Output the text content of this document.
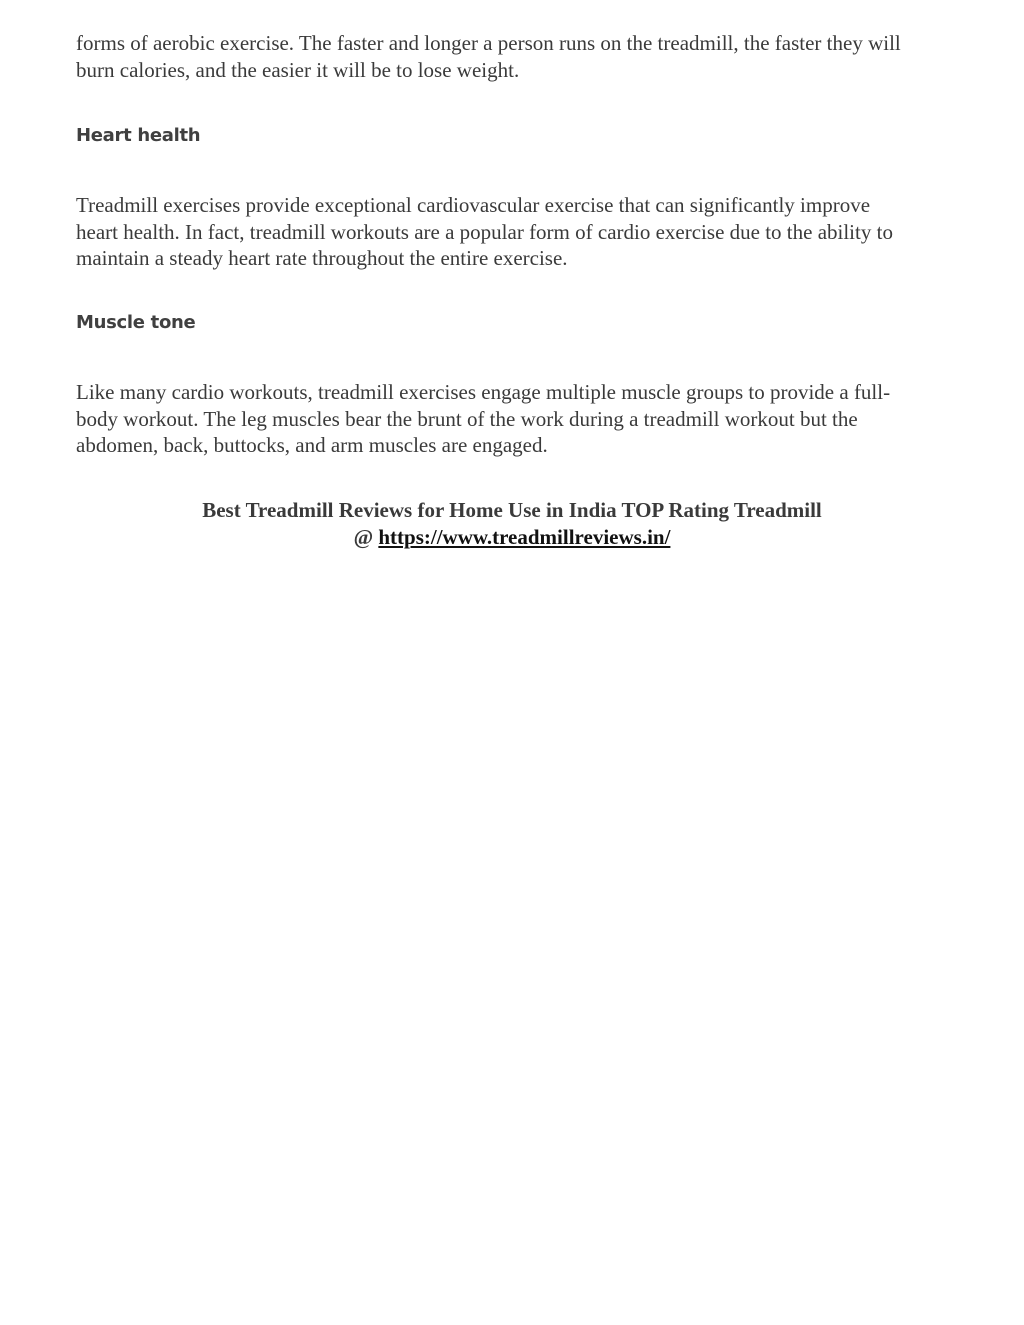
forms of aerobic exercise. The faster and longer a person runs on the treadmill, the faster they will
burn calories, and the easier it will be to lose weight.

Heart health

Treadmill exercises provide exceptional cardiovascular exercise that can significantly improve
heart health. In fact, treadmill workouts are a popular form of cardio exercise due to the ability to
maintain a steady heart rate throughout the entire exercise.

Muscle tone

Like many cardio workouts, treadmill exercises engage multiple muscle groups to provide a full-
body workout. The leg muscles bear the brunt of the work during a treadmill workout but the
abdomen, back, buttocks, and arm muscles are engaged.

Best Treadmill Reviews for Home Use in India TOP Rating Treadmill
@ https://www.treadmillreviews.in/
